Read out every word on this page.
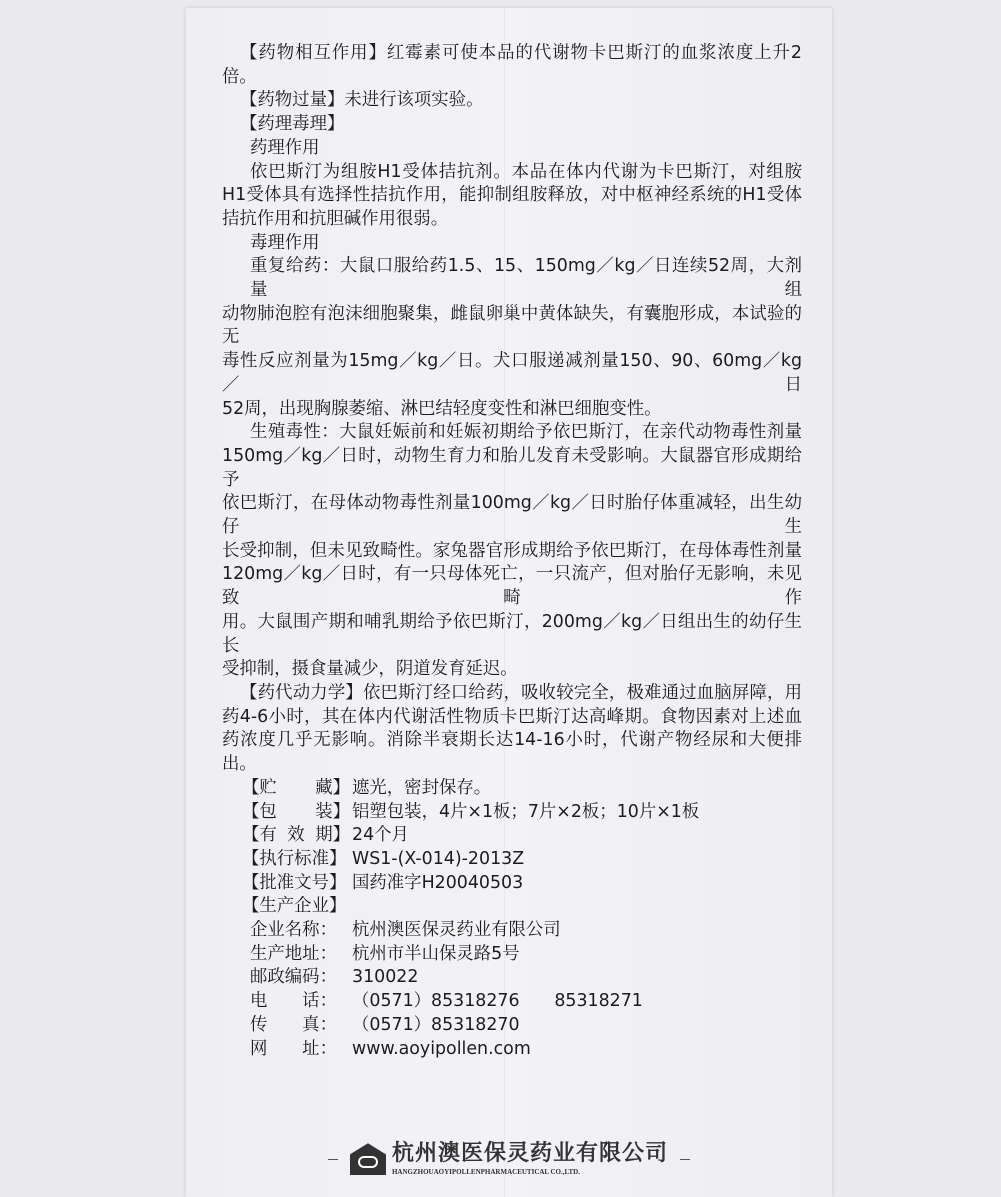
【药物相互作用】红霉素可使本品的代谢物卡巴斯汀的血浆浓度上升2
倍。
【药物过量】未进行该项实验。
【药理毒理】
药理作用
依巴斯汀为组胺H1受体拮抗剂。本品在体内代谢为卡巴斯汀，对组胺
H1受体具有选择性拮抗作用，能抑制组胺释放，对中枢神经系统的H1受体
拮抗作用和抗胆碱作用很弱。
毒理作用
重复给药：大鼠口服给药1.5、15、150mg／kg／日连续52周，大剂量组
动物肺泡腔有泡沫细胞聚集，雌鼠卵巢中黄体缺失，有囊胞形成，本试验的无
毒性反应剂量为15mg／kg／日。犬口服递减剂量150、90、60mg／kg／日
52周，出现胸腺萎缩、淋巴结轻度变性和淋巴细胞变性。
生殖毒性：大鼠妊娠前和妊娠初期给予依巴斯汀，在亲代动物毒性剂量
150mg／kg／日时，动物生育力和胎儿发育未受影响。大鼠器官形成期给予
依巴斯汀，在母体动物毒性剂量100mg／kg／日时胎仔体重减轻，出生幼仔生
长受抑制，但未见致畸性。家兔器官形成期给予依巴斯汀，在母体毒性剂量
120mg／kg／日时，有一只母体死亡，一只流产，但对胎仔无影响，未见致畸作
用。大鼠围产期和哺乳期给予依巴斯汀，200mg／kg／日组出生的幼仔生长
受抑制，摄食量减少，阴道发育延迟。
【药代动力学】依巴斯汀经口给药，吸收较完全，极难通过血脑屏障，用
药4-6小时，其在体内代谢活性物质卡巴斯汀达高峰期。食物因素对上述血
药浓度几乎无影响。消除半衰期长达14-16小时，代谢产物经尿和大便排
出。
【贮 藏】 遮光，密封保存。
【包 装】 铝塑包装，4片×1板；7片×2板；10片×1板
【有 效 期】 24个月
【执行标准】 WS1-(X-014)-2013Z
【批准文号】 国药准字H20040503
【生产企业】
企业名称： 杭州澳医保灵药业有限公司
生产地址： 杭州市半山保灵路5号
邮政编码： 310022
电　　话： （0571）85318276　　85318271
传　　真： （0571）85318270
网　　址： www.aoyipollen.com
杭州澳医保灵药业有限公司
HANGZHOUAOYIPOLLENPHARMACEUTICAL CO.,LTD.
